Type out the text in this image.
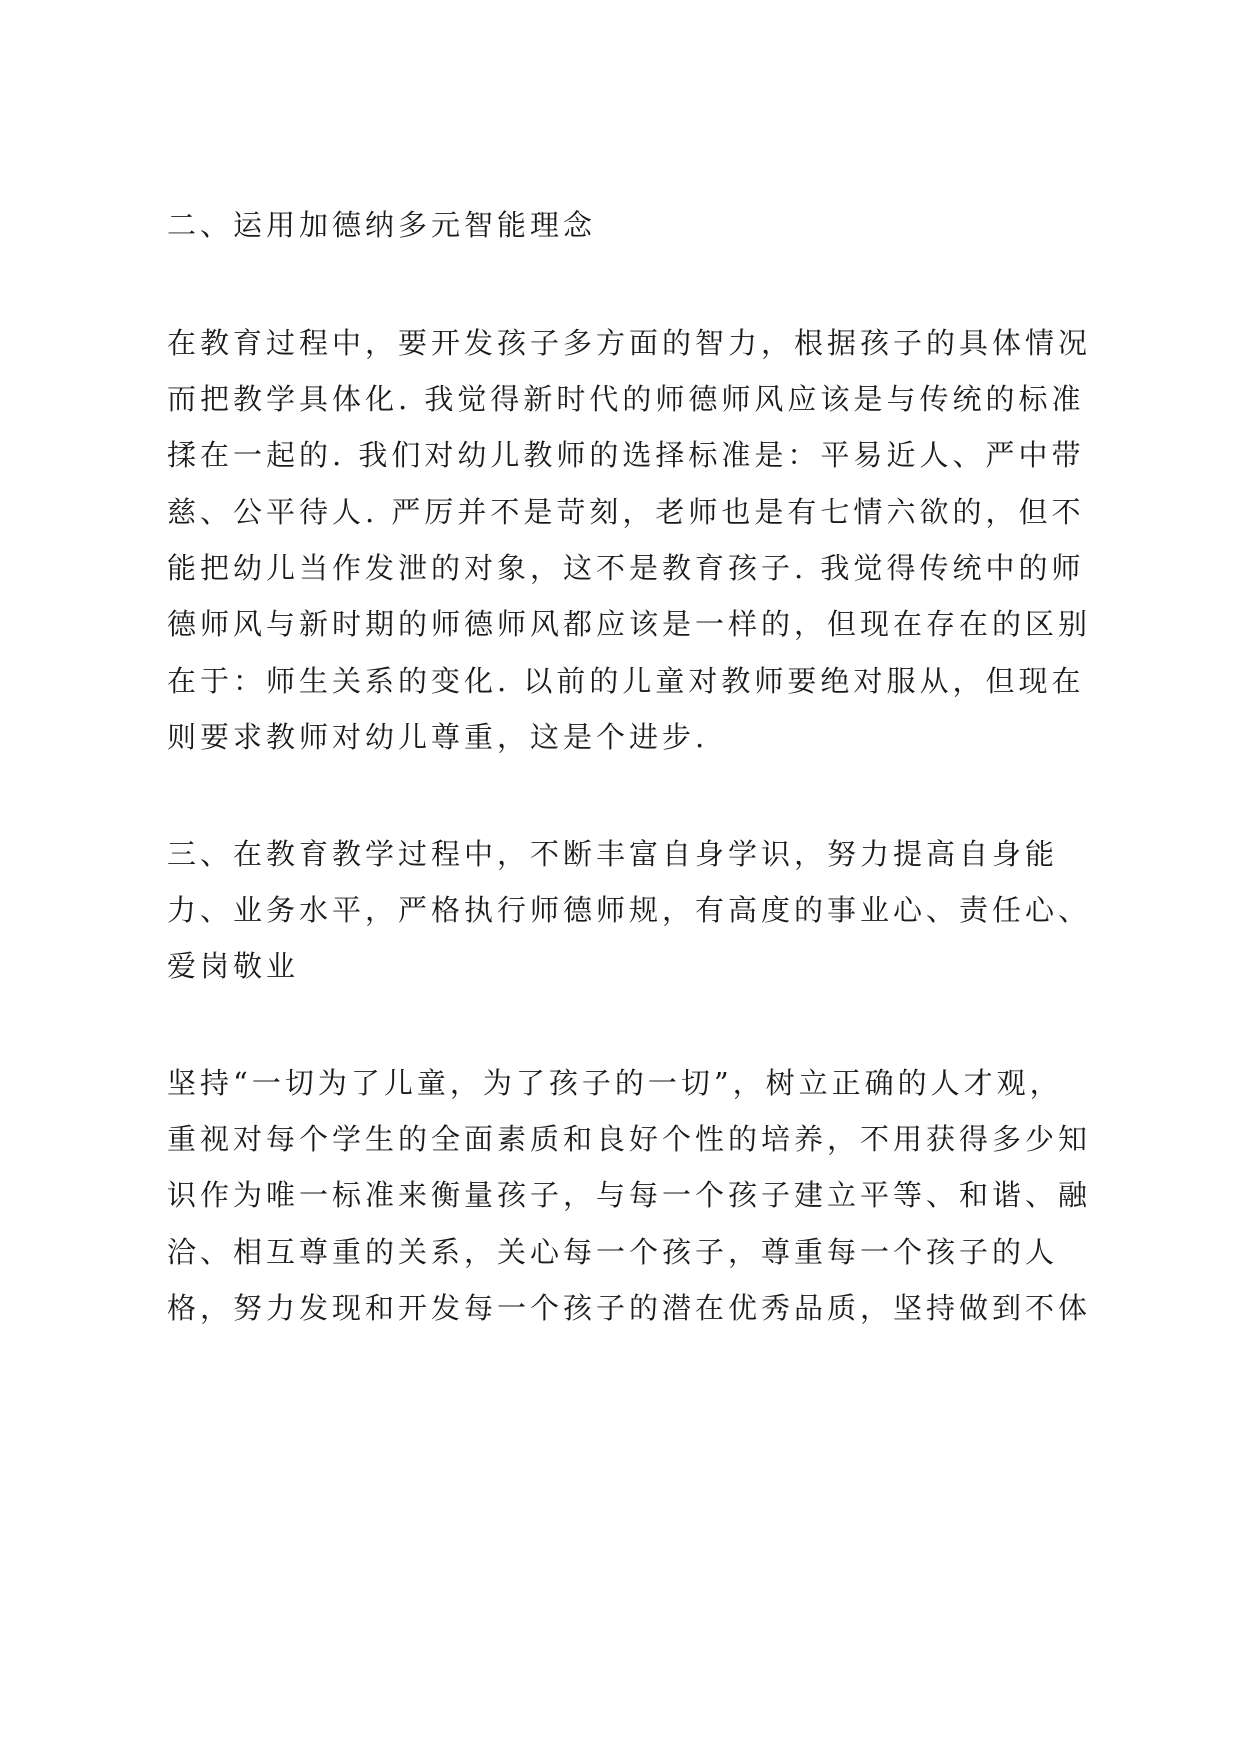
二、运用加德纳多元智能理念
在教育过程中，要开发孩子多方面的智力，根据孩子的具体情况
而把教学具体化. 我觉得新时代的师德师风应该是与传统的标准
揉在一起的. 我们对幼儿教师的选择标准是：平易近人、严中带
慈、公平待人. 严厉并不是苛刻，老师也是有七情六欲的，但不
能把幼儿当作发泄的对象，这不是教育孩子. 我觉得传统中的师
德师风与新时期的师德师风都应该是一样的，但现在存在的区别
在于：师生关系的变化. 以前的儿童对教师要绝对服从，但现在
则要求教师对幼儿尊重，这是个进步.
三、在教育教学过程中，不断丰富自身学识，努力提高自身能
力、业务水平，严格执行师德师规，有高度的事业心、责任心、
爱岗敬业
坚持“一切为了儿童，为了孩子的一切”，树立正确的人才观，
重视对每个学生的全面素质和良好个性的培养，不用获得多少知
识作为唯一标准来衡量孩子，与每一个孩子建立平等、和谐、融
洽、相互尊重的关系，关心每一个孩子，尊重每一个孩子的人
格，努力发现和开发每一个孩子的潜在优秀品质，坚持做到不体
